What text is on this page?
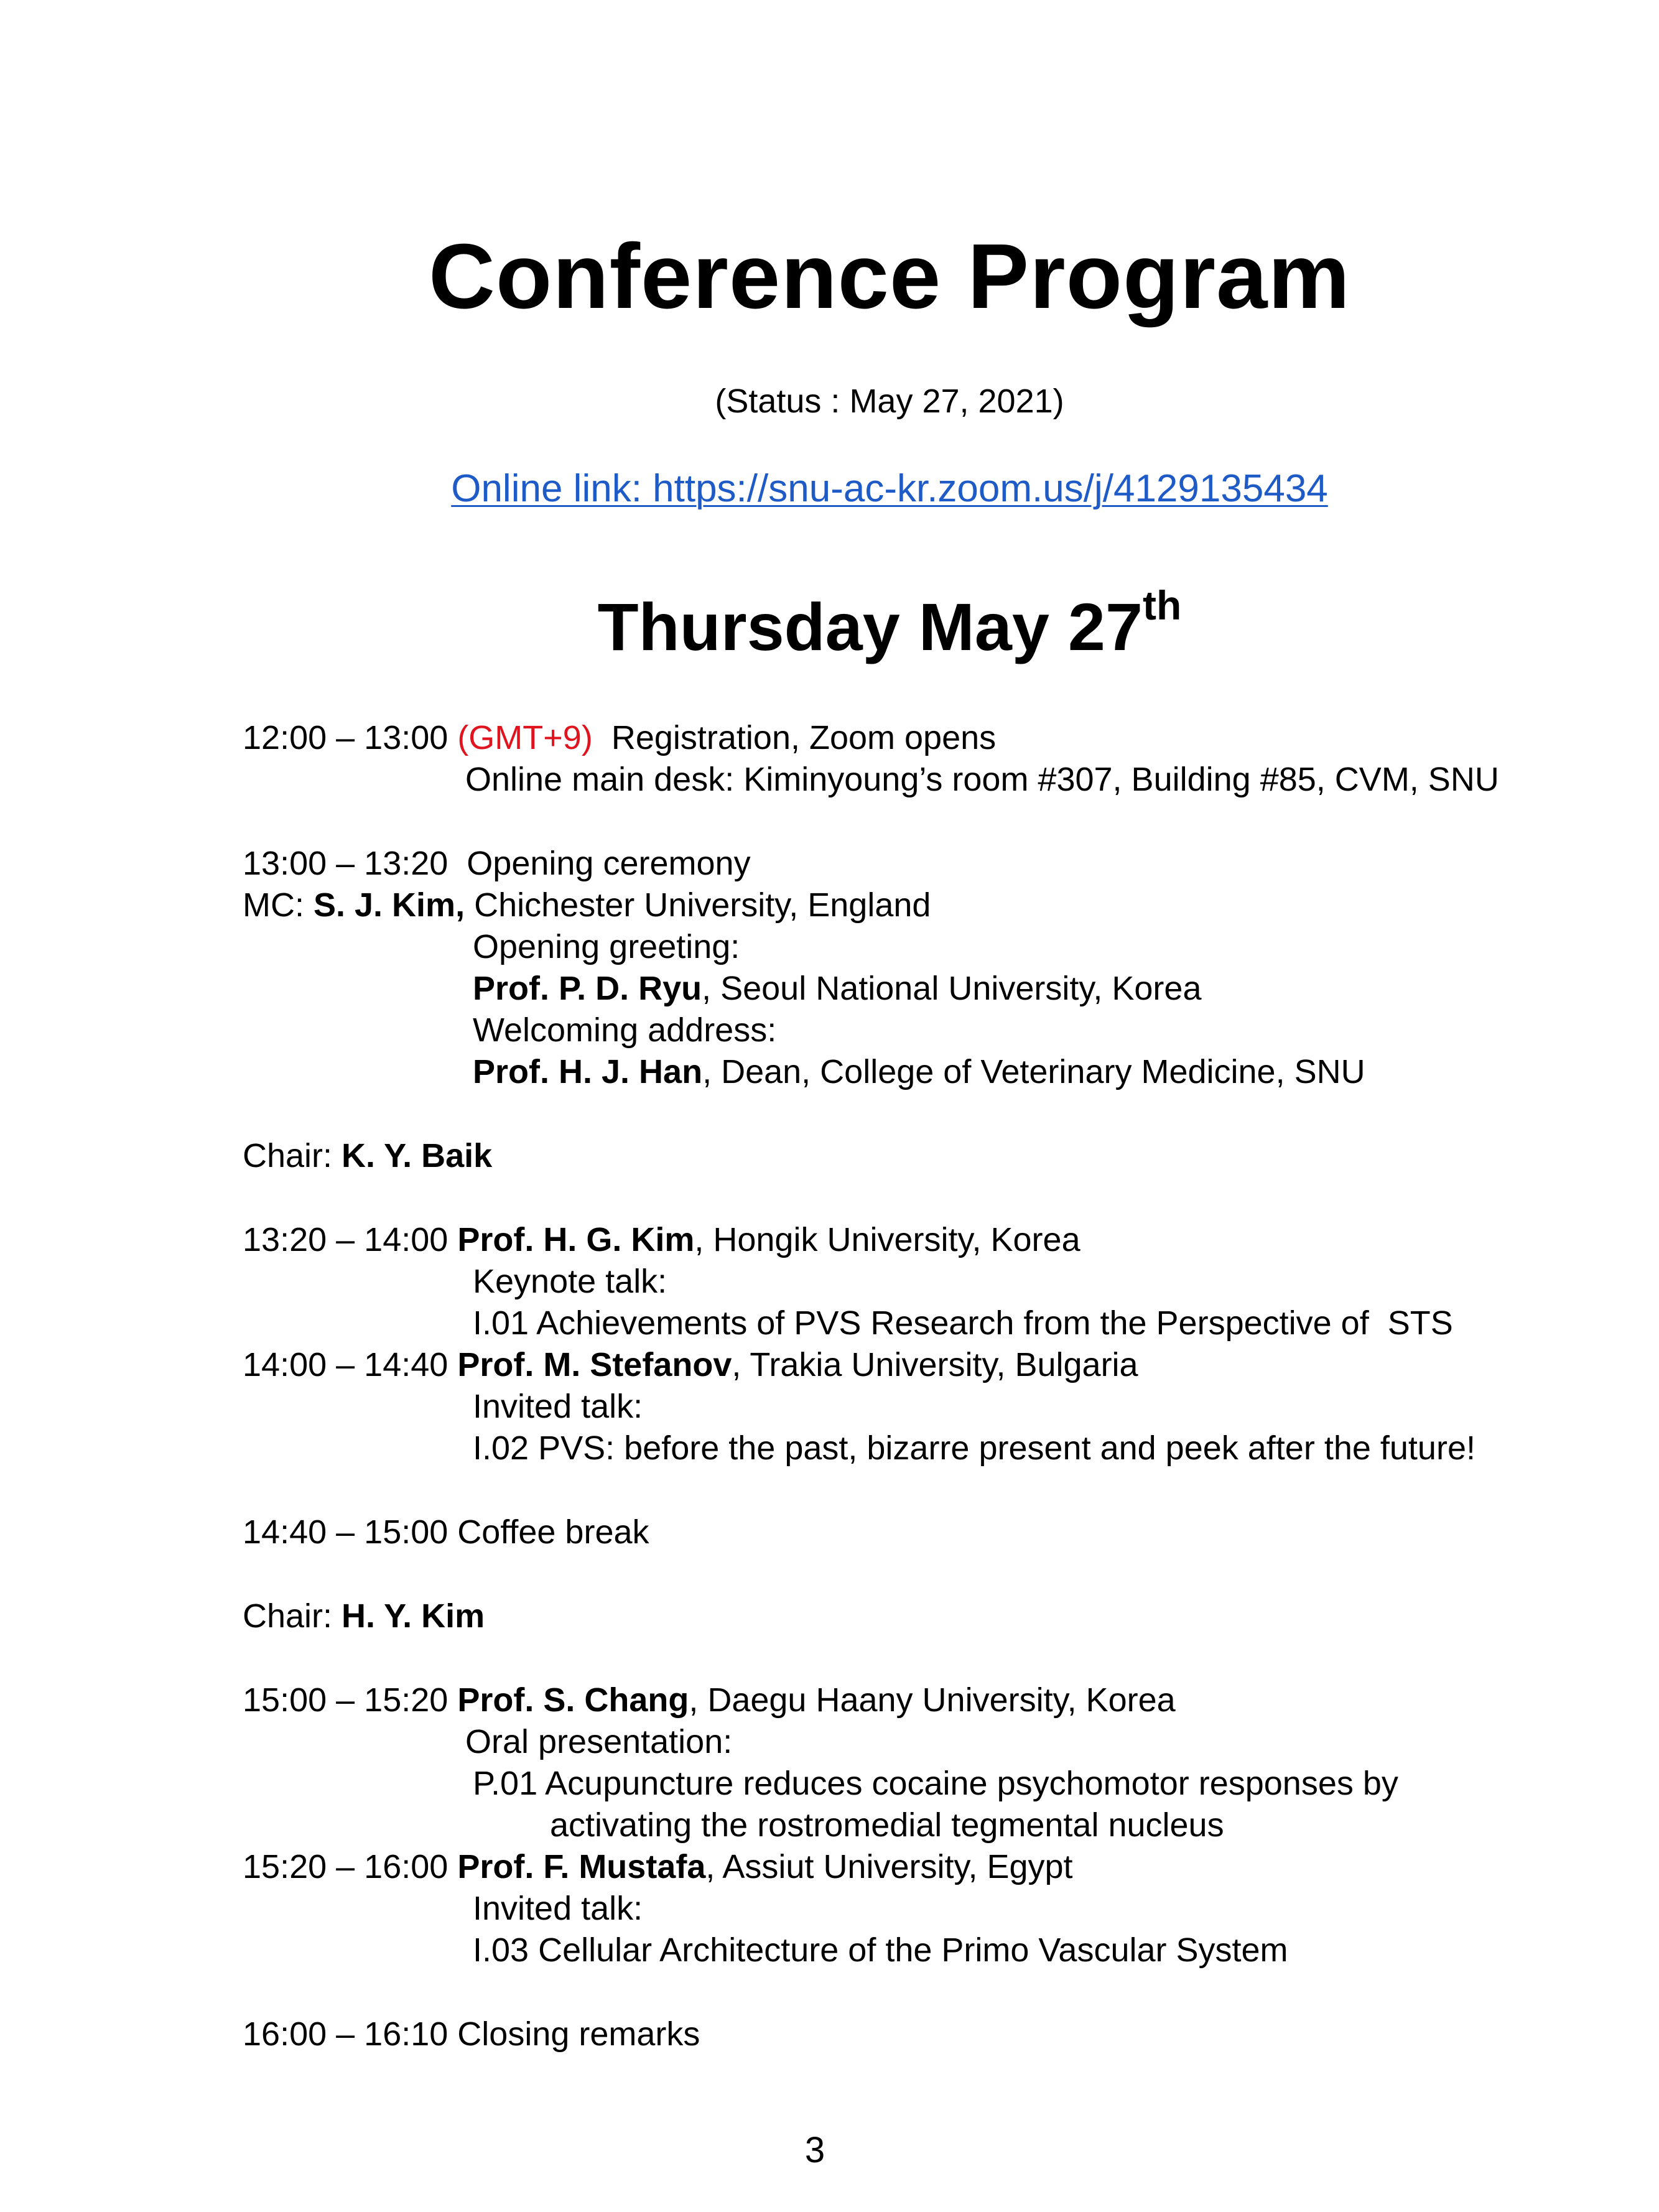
Conference Program
(Status : May 27, 2021)
Online link: https://snu-ac-kr.zoom.us/j/4129135434
Thursday May 27th
12:00 – 13:00 (GMT+9)  Registration, Zoom opens
Online main desk: Kiminyoung’s room #307, Building #85, CVM, SNU
13:00 – 13:20  Opening ceremony
MC: S. J. Kim, Chichester University, England
Opening greeting:
Prof. P. D. Ryu, Seoul National University, Korea
Welcoming address:
Prof. H. J. Han, Dean, College of Veterinary Medicine, SNU
Chair: K. Y. Baik
13:20 – 14:00 Prof. H. G. Kim, Hongik University, Korea
Keynote talk:
I.01 Achievements of PVS Research from the Perspective of  STS
14:00 – 14:40 Prof. M. Stefanov, Trakia University, Bulgaria
Invited talk:
I.02 PVS: before the past, bizarre present and peek after the future!
14:40 – 15:00 Coffee break
Chair: H. Y. Kim
15:00 – 15:20 Prof. S. Chang, Daegu Haany University, Korea
Oral presentation:
P.01 Acupuncture reduces cocaine psychomotor responses by
activating the rostromedial tegmental nucleus
15:20 – 16:00 Prof. F. Mustafa, Assiut University, Egypt
Invited talk:
I.03 Cellular Architecture of the Primo Vascular System
16:00 – 16:10 Closing remarks
3
